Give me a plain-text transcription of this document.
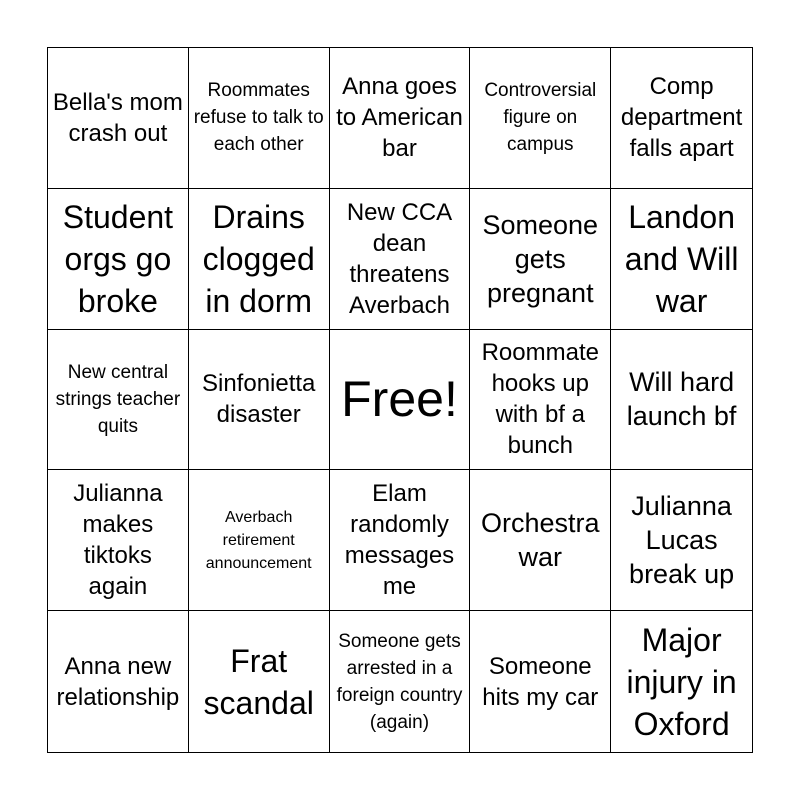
Bella's mom crash out
Roommates refuse to talk to each other
Anna goes to American bar
Controversial figure on campus
Comp department falls apart
Student orgs go broke
Drains clogged in dorm
New CCA dean threatens Averbach
Someone gets pregnant
Landon and Will war
New central strings teacher quits
Sinfonietta disaster Free!
Roommate hooks up with bf a bunch
Will hard launch bf
Julianna makes tiktoks again
Averbach retirement announcement
Elam randomly messages me
Orchestra war
Julianna Lucas break up
Anna new relationship
Frat scandal
Someone gets arrested in a foreign country (again)
Someone hits my car
Major injury in Oxford
